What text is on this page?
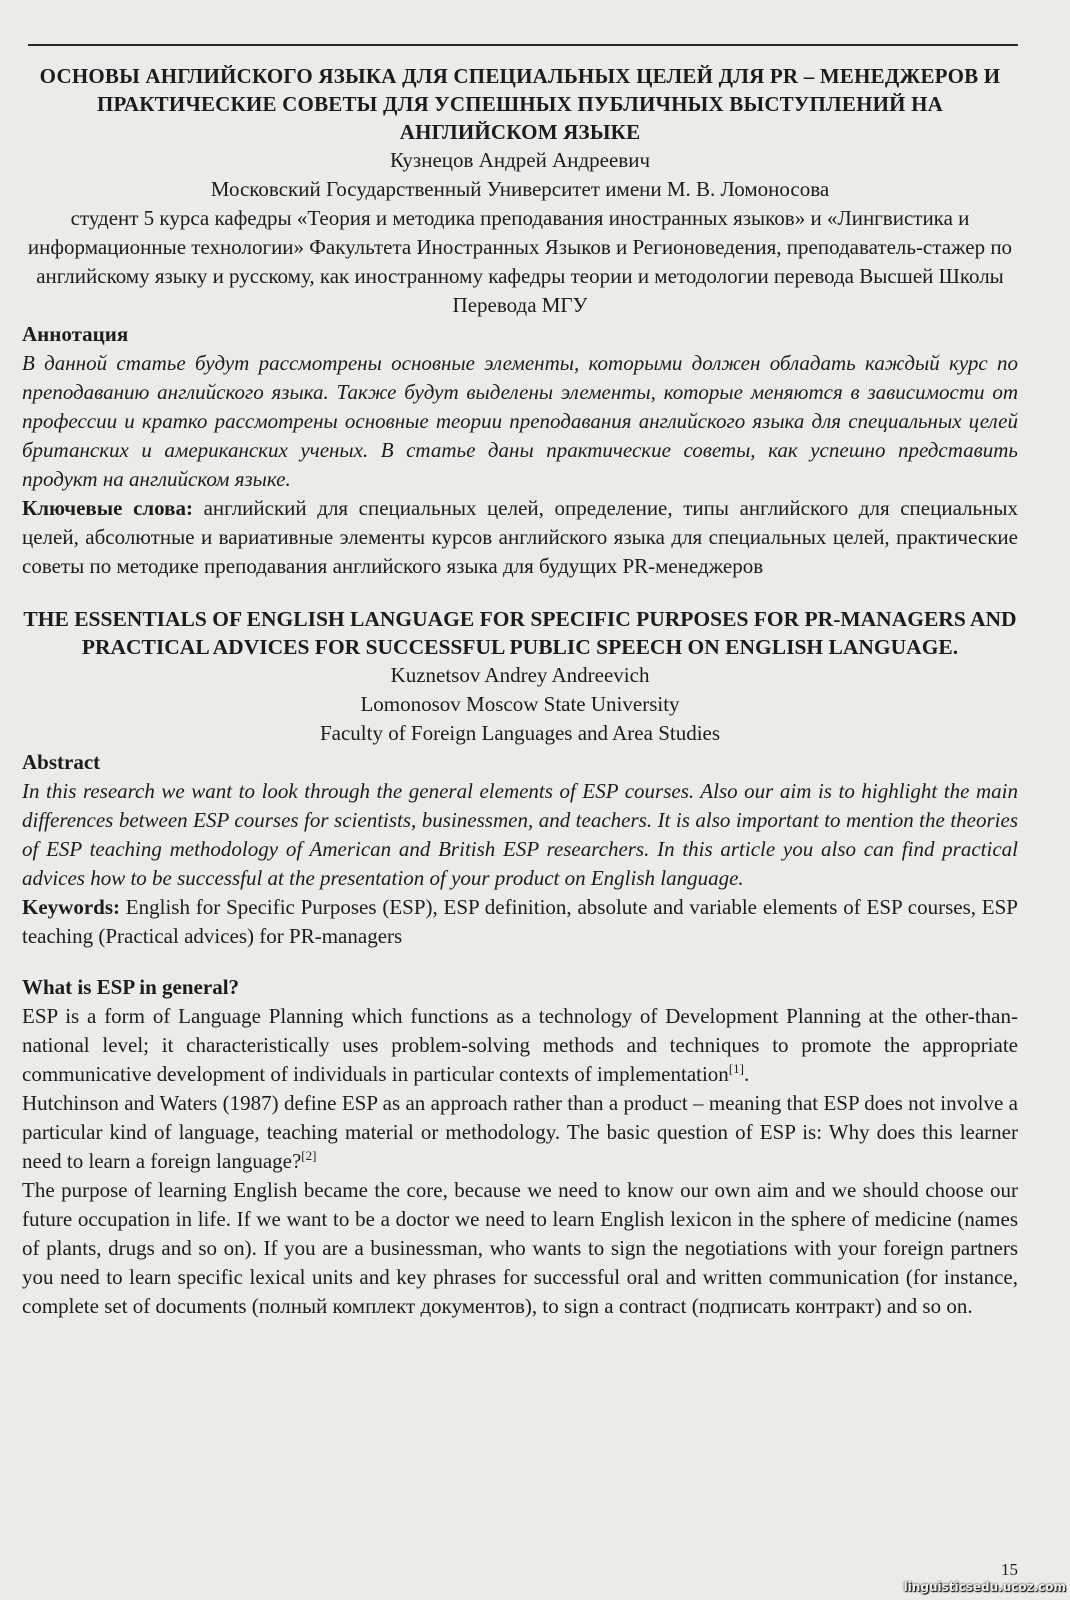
ОСНОВЫ АНГЛИЙСКОГО ЯЗЫКА ДЛЯ СПЕЦИАЛЬНЫХ ЦЕЛЕЙ ДЛЯ PR – МЕНЕДЖЕРОВ И ПРАКТИЧЕСКИЕ СОВЕТЫ ДЛЯ УСПЕШНЫХ ПУБЛИЧНЫХ ВЫСТУПЛЕНИЙ НА АНГЛИЙСКОМ ЯЗЫКЕ

Кузнецов Андрей Андреевич

Московский Государственный Университет имени М. В. Ломоносова

студент 5 курса кафедры «Теория и методика преподавания иностранных языков» и «Лингвистика и информационные технологии» Факультета Иностранных Языков и Регионоведения, преподаватель-стажер по английскому языку и русскому, как иностранному кафедры теории и методологии перевода Высшей Школы Перевода МГУ

Аннотация

В данной статье будут рассмотрены основные элементы, которыми должен обладать каждый курс по преподаванию английского языка. Также будут выделены элементы, которые меняются в зависимости от профессии и кратко рассмотрены основные теории преподавания английского языка для специальных целей британских и американских ученых. В статье даны практические советы, как успешно представить продукт на английском языке.

Ключевые слова: английский для специальных целей, определение, типы английского для специальных целей, абсолютные и вариативные элементы курсов английского языка для специальных целей, практические советы по методике преподавания английского языка для будущих PR-менеджеров

THE ESSENTIALS OF ENGLISH LANGUAGE FOR SPECIFIC PURPOSES FOR PR-MANAGERS AND PRACTICAL ADVICES FOR SUCCESSFUL PUBLIC SPEECH ON ENGLISH LANGUAGE.

Kuznetsov Andrey Andreevich

Lomonosov Moscow State University

Faculty of Foreign Languages and Area Studies

Abstract

In this research we want to look through the general elements of ESP courses. Also our aim is to highlight the main differences between ESP courses for scientists, businessmen, and teachers. It is also important to mention the theories of ESP teaching methodology of American and British ESP researchers. In this article you also can find practical advices how to be successful at the presentation of your product on English language.

Keywords: English for Specific Purposes (ESP), ESP definition, absolute and variable elements of ESP courses, ESP teaching (Practical advices) for PR-managers

What is ESP in general?

ESP is a form of Language Planning which functions as a technology of Development Planning at the other-than-national level; it characteristically uses problem-solving methods and techniques to promote the appropriate communicative development of individuals in particular contexts of implementation[1].

Hutchinson and Waters (1987) define ESP as an approach rather than a product – meaning that ESP does not involve a particular kind of language, teaching material or methodology. The basic question of ESP is: Why does this learner need to learn a foreign language?[2]

The purpose of learning English became the core, because we need to know our own aim and we should choose our future occupation in life. If we want to be a doctor we need to learn English lexicon in the sphere of medicine (names of plants, drugs and so on). If you are a businessman, who wants to sign the negotiations with your foreign partners you need to learn specific lexical units and key phrases for successful oral and written communication (for instance, complete set of documents (полный комплект документов), to sign a contract (подписать контракт) and so on.

15
linguisticsedu.ucoz.com
